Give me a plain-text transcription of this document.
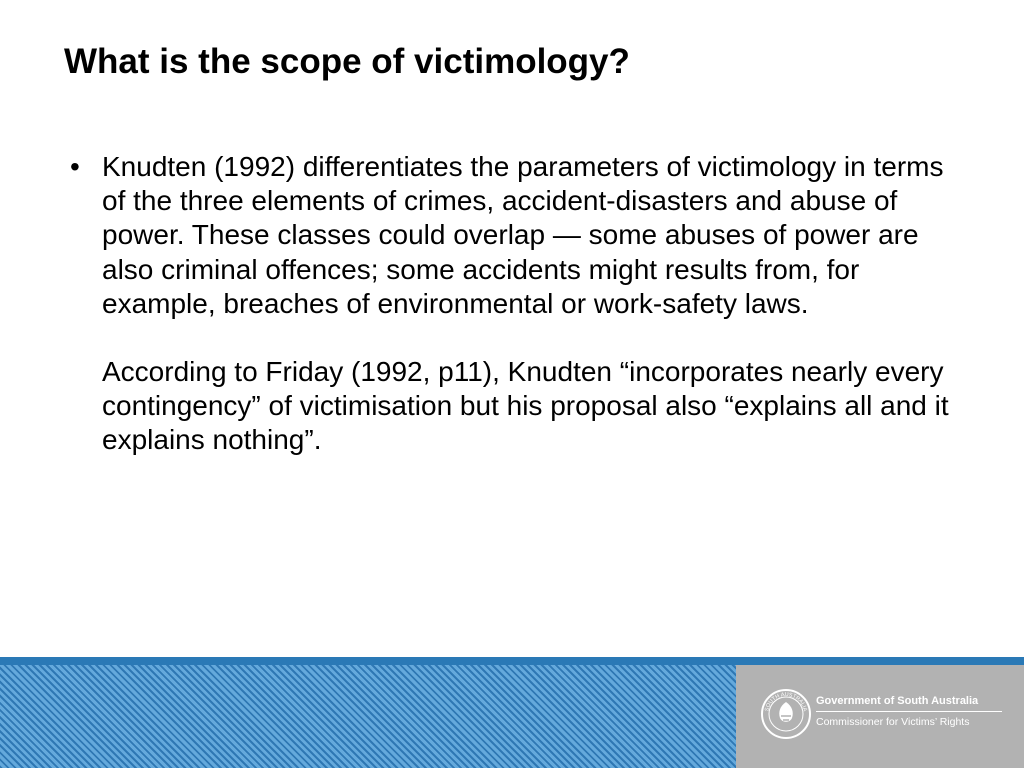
What is the scope of victimology?
• Knudten (1992) differentiates the parameters of victimology in terms of the three elements of crimes, accident-disasters and abuse of power. These classes could overlap — some abuses of power are also criminal offences; some accidents might results from, for example, breaches of environmental or work-safety laws.

According to Friday (1992, p11), Knudten “incorporates nearly every contingency” of victimisation but his proposal also “explains all and it explains nothing”.

SOUTH AUSTRALIA
Government of South Australia
Commissioner for Victims’ Rights
